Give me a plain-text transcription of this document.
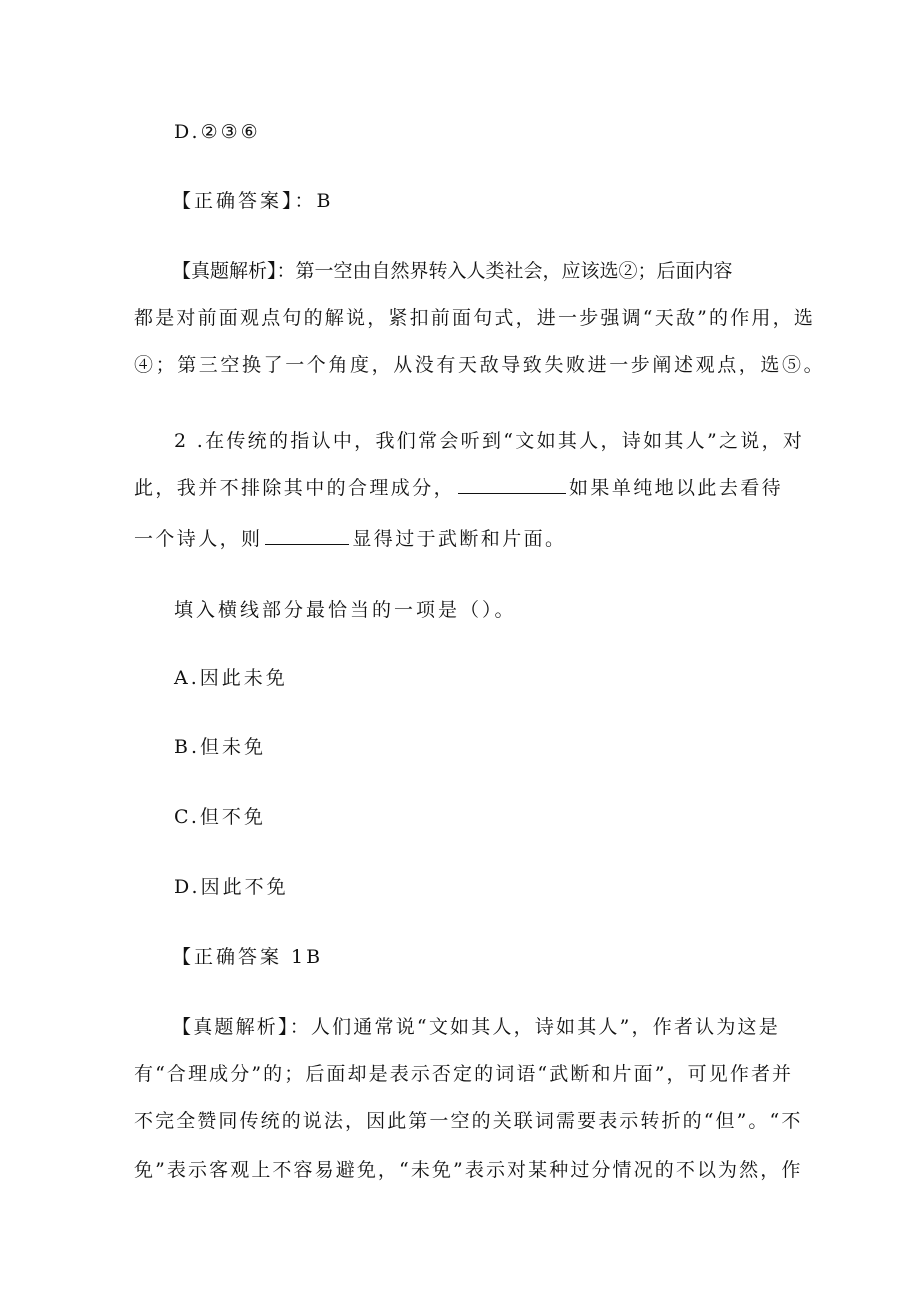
D.②③⑥
【正确答案】：B
【真题解析】：第一空由自然界转入人类社会，应该选②；后面内容
都是对前面观点句的解说，紧扣前面句式，进一步强调“天敌”的作用，选
④；第三空换了一个角度，从没有天敌导致失败进一步阐述观点，选⑤。
2 .在传统的指认中，我们常会听到“文如其人，诗如其人”之说，对
此，我并不排除其中的合理成分，	如果单纯地以此去看待
一个诗人，则	显得过于武断和片面。
填入横线部分最恰当的一项是（）。
A.因此未免
B.但未免
C.但不免
D.因此不免
【正确答案 1B
【真题解析】：人们通常说“文如其人，诗如其人”，作者认为这是
有“合理成分”的；后面却是表示否定的词语“武断和片面”，可见作者并
不完全赞同传统的说法，因此第一空的关联词需要表示转折的“但”。“不
免”表示客观上不容易避免，“未免”表示对某种过分情况的不以为然，作
